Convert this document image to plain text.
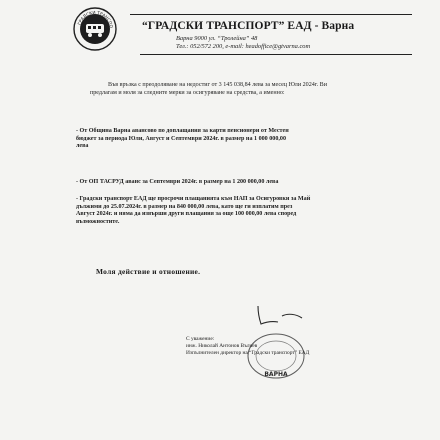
ГРАДСКИ ТРАНСПО “ГРАДСКИ ТРАНСПОРТ” ЕАД - Варна
Варна 9000 ул. “Тролейна” 48
Тел.: 052/572 200, e-mail: headoffice@gtvarna.com
Във връзка с преодоляване на недостиг от 3 145 038,84 лева за месец Юли 2024г. Ви
предлагам и моля за следните мерки за осигуряване на средства, а именно:
- От Община Варна авансово по доплащания за карти пенсионери от Местен
бюджет за периода Юли, Август и Септември 2024г. в размер на 1 000 000,00
лева
- От ОП ТАСРУД аванс за Септември 2024г. в размер на 1 200 000,00 лева
- Градски транспорт ЕАД ще просрочи плащанията към НАП за Осигуровки за Май
дължими до 25.07.2024г. в размер на 840 000,00 лева, като ще ги изплатим през
Август 2024г. и няма да извърши други плащания за още 100 000,00 лева според
възможностите.
Моля действие и отношение.
С уважение:
инж. Николай Антонов Вълчев
Изпълнителен директор на “Градски транспорт” ЕАД
ВАРНА
